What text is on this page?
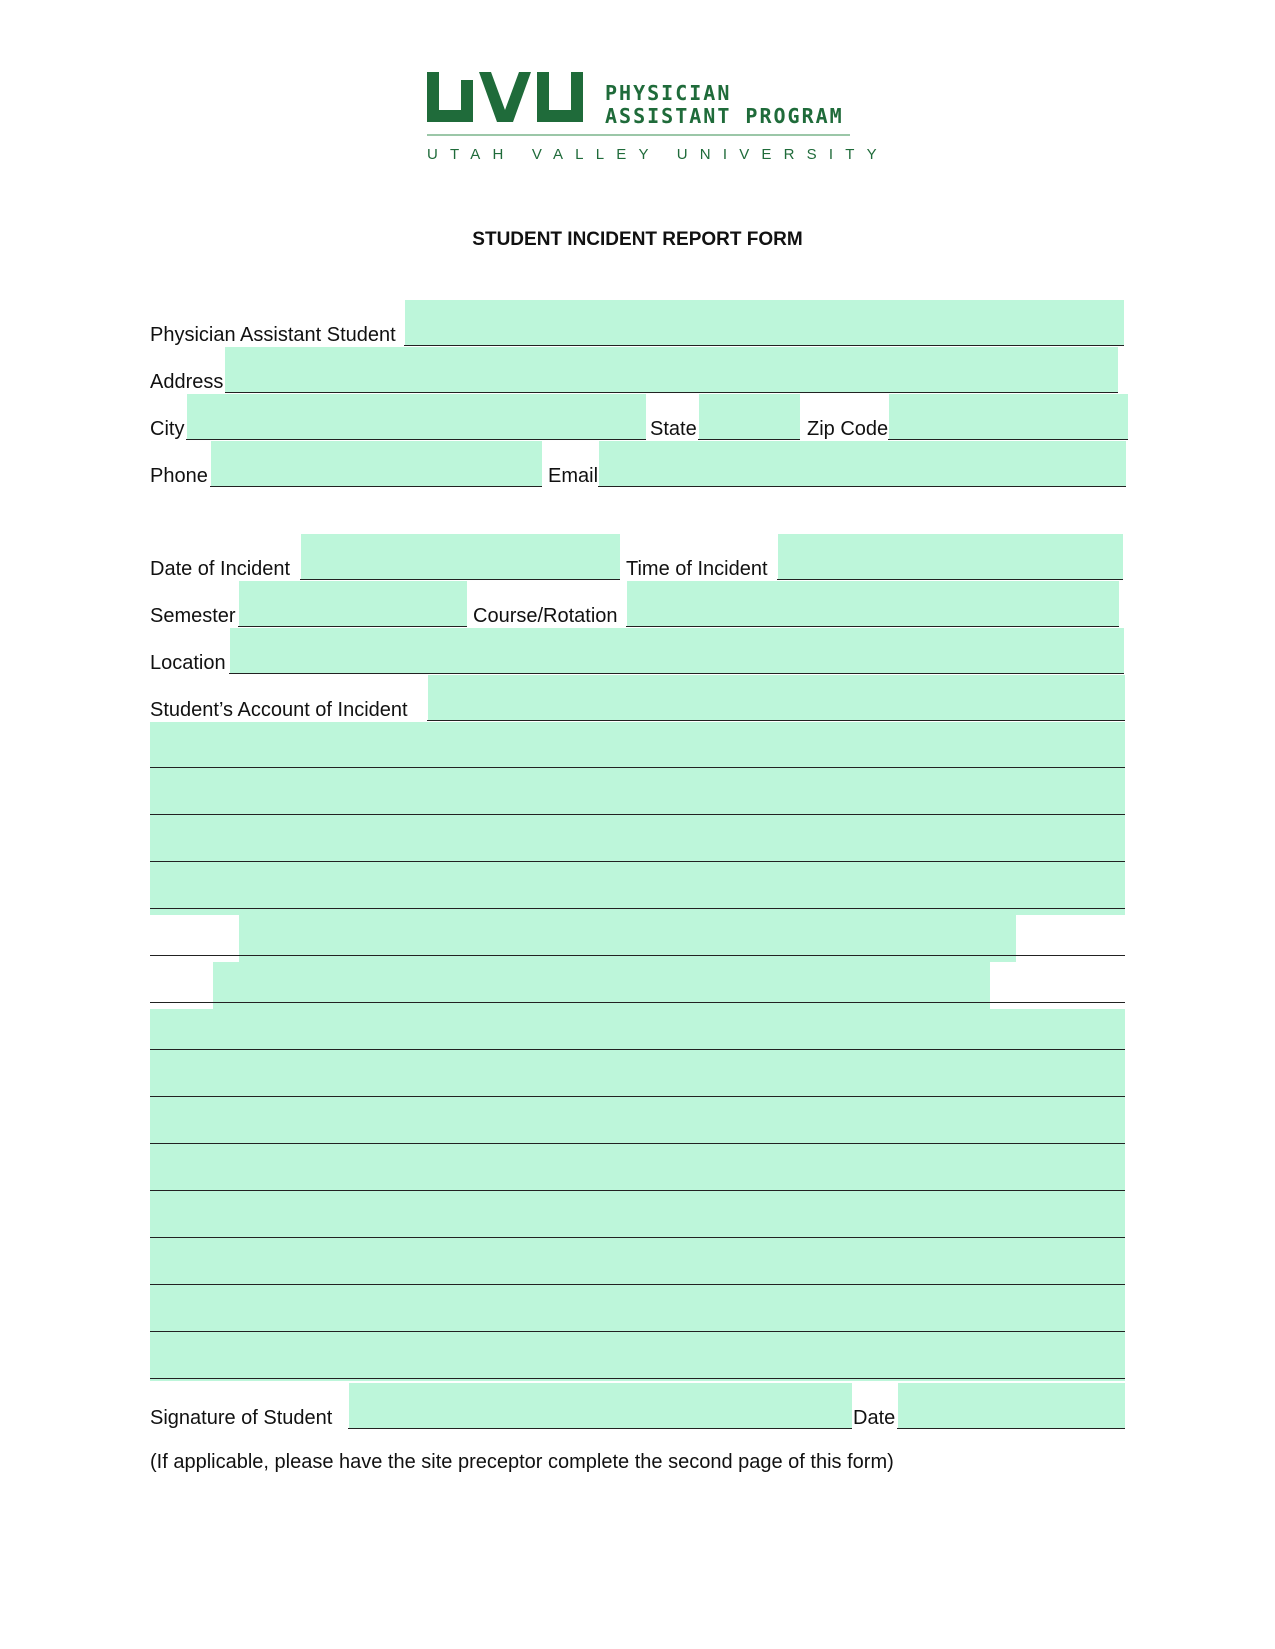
PHYSICIAN
ASSISTANT PROGRAM
UTAH VALLEY UNIVERSITY
STUDENT INCIDENT REPORT FORM
Physician Assistant Student
Address
City	State	Zip Code
Phone	Email
Date of Incident	Time of Incident
Semester	Course/Rotation
Location
Student’s Account of Incident
Signature of Student	Date
(If applicable, please have the site preceptor complete the second page of this form)
